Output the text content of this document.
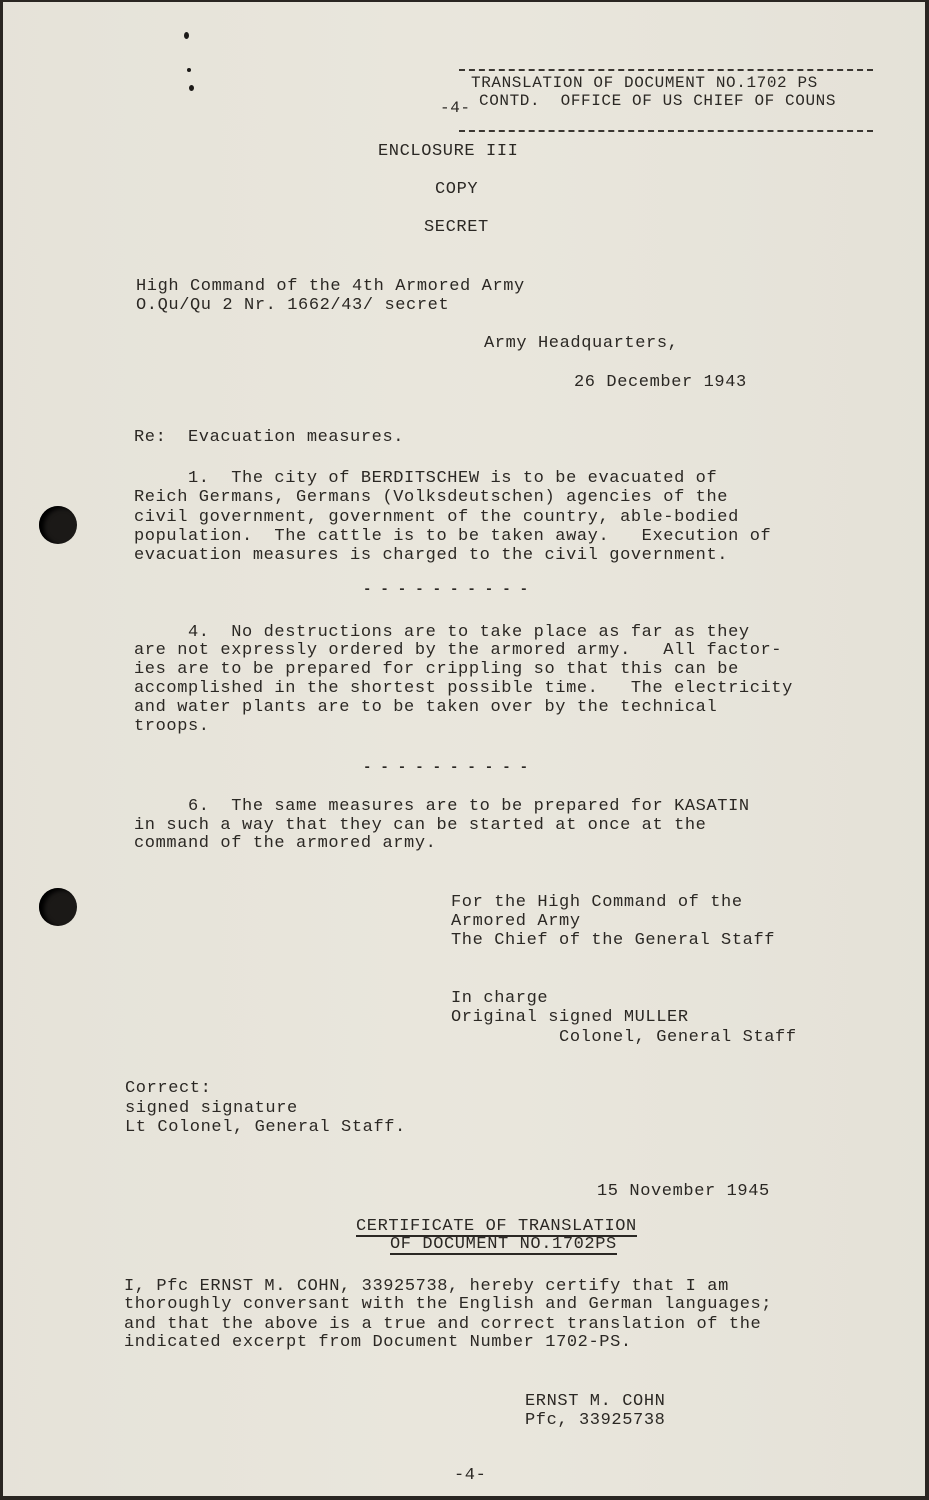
TRANSLATION OF DOCUMENT NO.1702 PS
-4- CONTD.  OFFICE OF US CHIEF OF COUNS
ENCLOSURE III
COPY
SECRET
High Command of the 4th Armored Army
O.Qu/Qu 2 Nr. 1662/43/ secret
Army Headquarters,
26 December 1943
Re:  Evacuation measures.
1.  The city of BERDITSCHEW is to be evacuated of
Reich Germans, Germans (Volksdeutschen) agencies of the
civil government, government of the country, able-bodied
population.  The cattle is to be taken away.   Execution of
evacuation measures is charged to the civil government.
----------
4.  No destructions are to take place as far as they
are not expressly ordered by the armored army.   All factor-
ies are to be prepared for crippling so that this can be
accomplished in the shortest possible time.   The electricity
and water plants are to be taken over by the technical
troops.
----------
6.  The same measures are to be prepared for KASATIN
in such a way that they can be started at once at the
command of the armored army.
For the High Command of the
Armored Army
The Chief of the General Staff
In charge
Original signed MULLER
Colonel, General Staff
Correct:
signed signature
Lt Colonel, General Staff.
15 November 1945
CERTIFICATE OF TRANSLATION
OF DOCUMENT NO.1702PS
I, Pfc ERNST M. COHN, 33925738, hereby certify that I am
thoroughly conversant with the English and German languages;
and that the above is a true and correct translation of the
indicated excerpt from Document Number 1702-PS.
ERNST M. COHN
Pfc, 33925738
-4-
